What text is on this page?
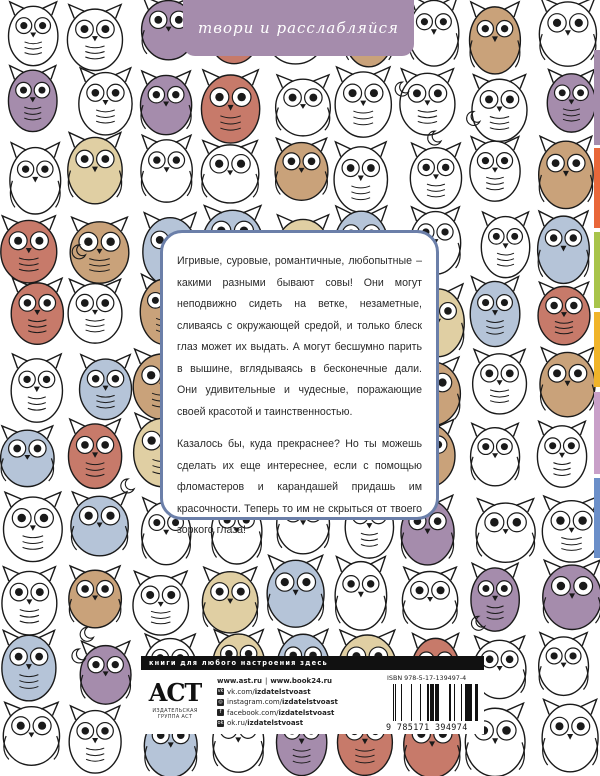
твори и расслабляйся

Игривые, суровые, романтичные, любопытные – какими разными бывают совы! Они могут неподвижно сидеть на ветке, незаметные, сливаясь с окружающей средой, и только блеск глаз может их выдать. А могут бесшумно парить в вышине, вглядываясь в бесконечные дали. Они удивительные и чудесные, поражающие своей красотой и таинственностью.

Казалось бы, куда прекраснее? Но ты можешь сделать их еще интереснее, если с помощью фломастеров и карандашей придашь им красочности. Теперь то им не скрыться от твоего зоркого глаза!

книги для любого настроения здесь
ACT
ИЗДАТЕЛЬСКАЯ ГРУППА АСТ
www.ast.ru | www.book24.ru
vk vk.com/ izdatelstvoast
◎ instagram.com/ izdatelstvoast
f facebook.com/ izdatelstvoast
ok ok.ru/ izdatelstvoast
ISBN 978-5-17-139497-4
9 785171 394974
